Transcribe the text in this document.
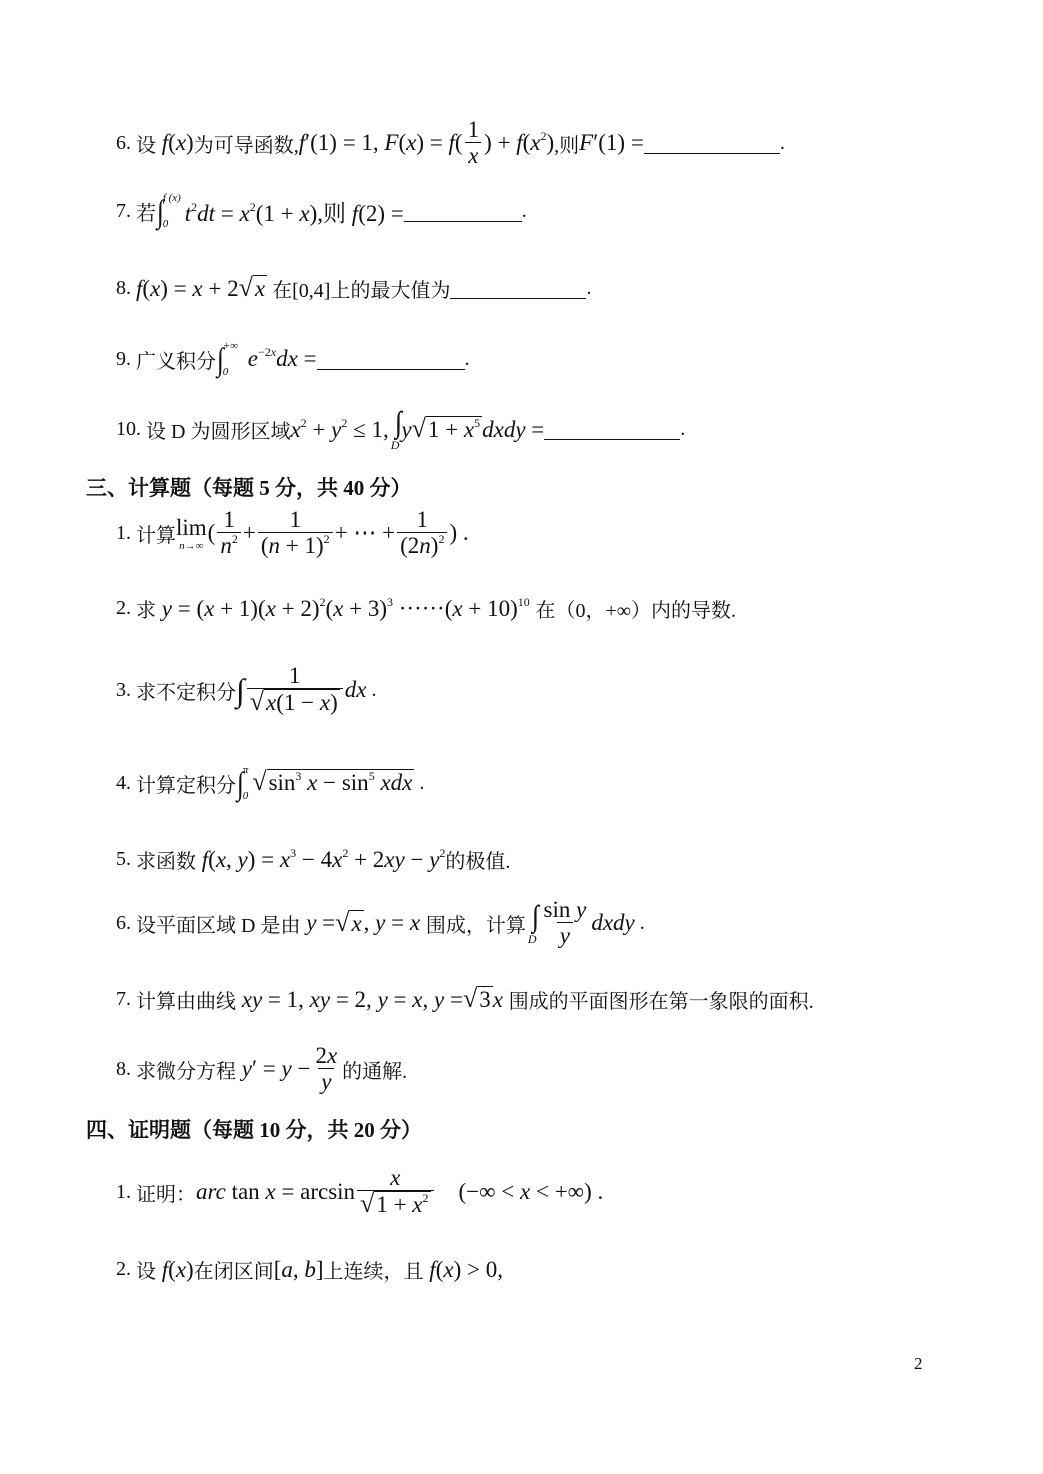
6.
设 f(x) 为可导函数, f′(1) = 1, $F(x) = f( \frac{1}{x}$ ) + $f(x^2)$ ,则 F′(1) =	.
7.
若 ∫
f (x)
0 $t^2dt = x^2(1 + x)$,则 f(2) =	.
8.
f(x) = x + 2 √ x
在[0,4]上的最大值为	.
9.
广义积分 ∫
+∞
0
$e^{-2x}dx$ =	.
10.
设 D 为圆形区域 $x^2 + y^2 \le 1$, ∫∫
D
y √ $1 + x^5$ dxdy =	.
三、计算题（每题 5 分，共 40 分）
1.
计算 lim
n→∞
( $\frac{1}{n^2} + \frac{1}{(n + 1)^2}$ + ⋯ + $\frac{1}{(2n)^2}$ ) .
2.
求 $y = (x + 1)(x + 2)^2(x + 3)^3 \cdot\cdot\cdot\cdot\cdot\cdot(x + 10)^{10}$ 在（0，+∞）内的导数.
3.
求不定积分 ∫ $\frac{1}{√ x(1 - x)}$ dx .
4.
计算定积分 ∫
π
0 √ $\sin^3 x - \sin^5$ xdx .
5.
求函数 f(x, $y) = x^3 - 4x^2 + 2xy - y^2$ 的极值.
6.
设平面区域 D 是由 y = √ x , y = x 围成，计算 ∫∫
D $\frac{\text{sin y}}{y}$ dxdy .
7.
计算由曲线 xy = 1, xy = 2, y = x, y = √ 3 x 围成的平面图形在第一象限的面积.
8.
求微分方程 $y' = y - \frac{2x}{y}$ 的通解.
四、证明题（每题 10 分，共 20 分）
1.
证明： arc $\tan x = \arcsin \frac{x}{√ 1 + x^2}$ (−∞ < x < +∞) .
2.
设 f(x) 在闭区间 [a, b] 上连续，且 f(x) > 0,
2
